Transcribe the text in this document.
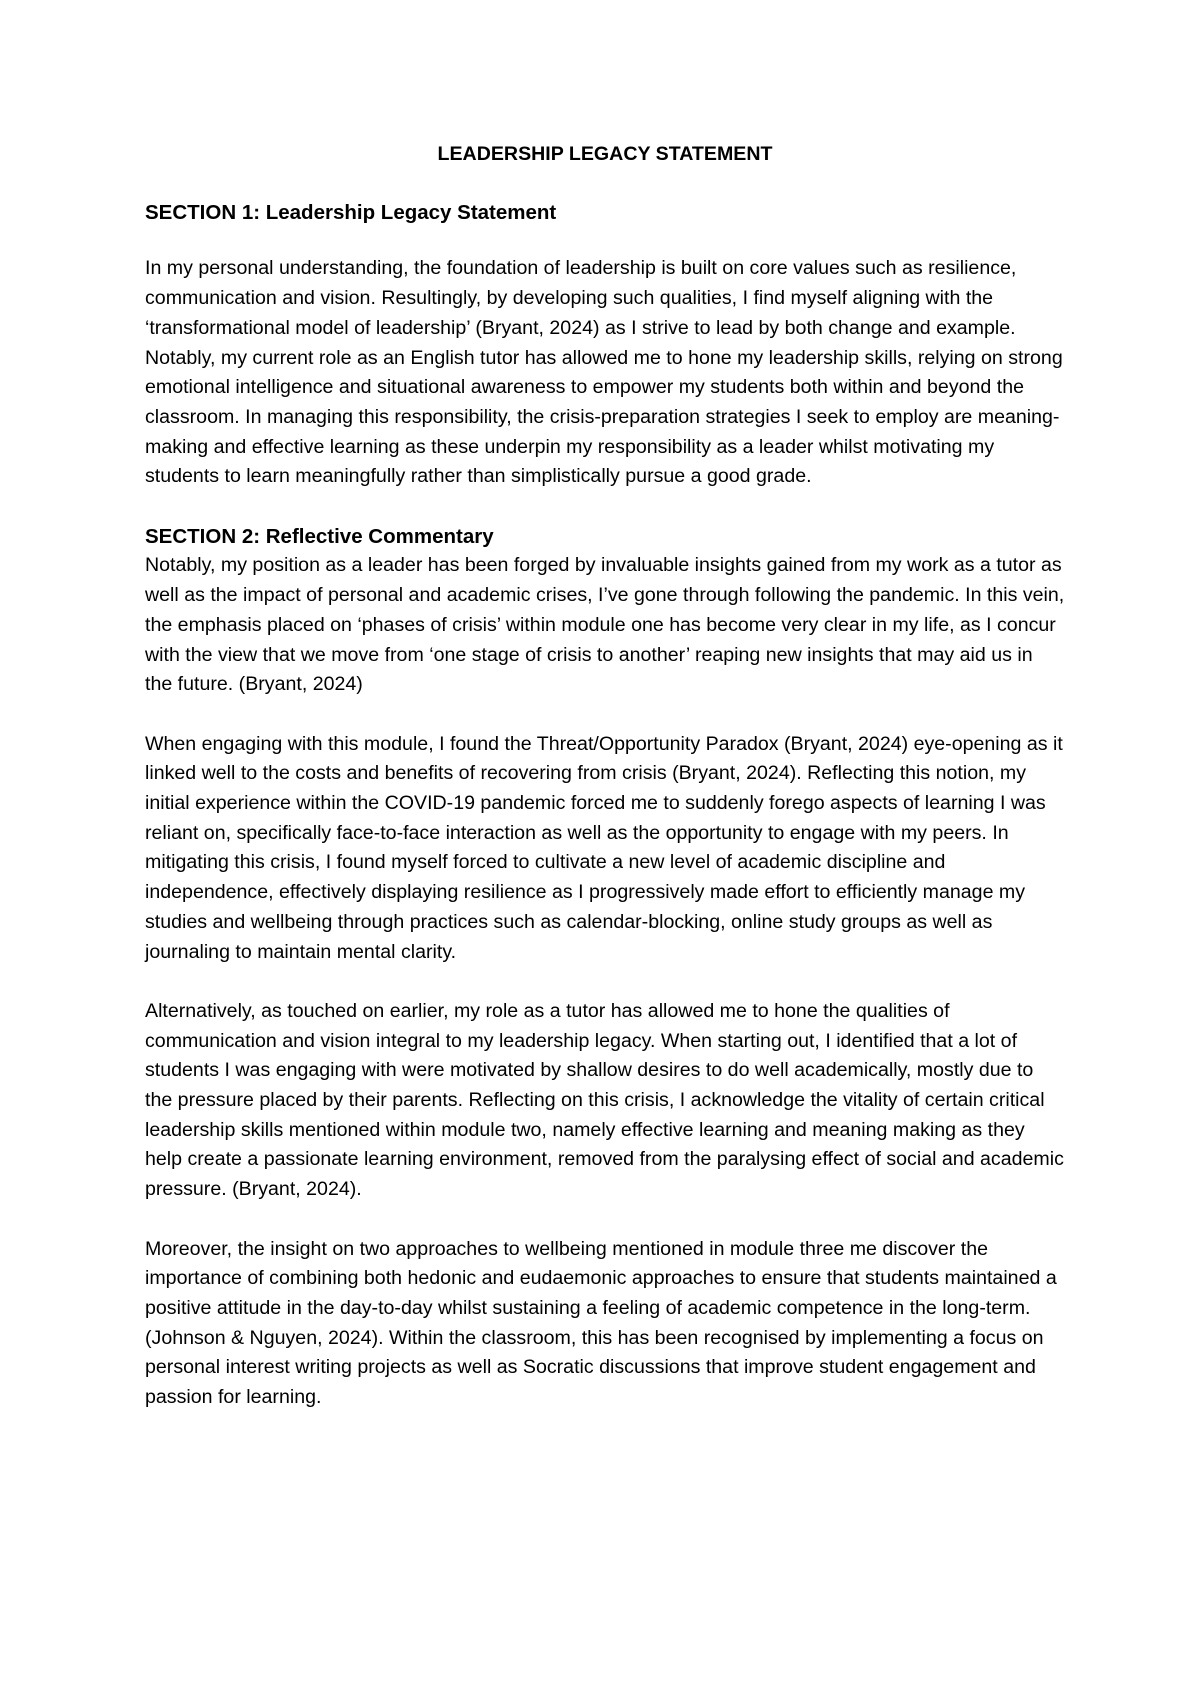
LEADERSHIP LEGACY STATEMENT
SECTION 1: Leadership Legacy Statement

In my personal understanding, the foundation of leadership is built on core values such as resilience, communication and vision. Resultingly, by developing such qualities, I find myself aligning with the ‘transformational model of leadership’ (Bryant, 2024) as I strive to lead by both change and example. Notably, my current role as an English tutor has allowed me to hone my leadership skills, relying on strong emotional intelligence and situational awareness to empower my students both within and beyond the classroom. In managing this responsibility, the crisis-preparation strategies I seek to employ are meaning-making and effective learning as these underpin my responsibility as a leader whilst motivating my students to learn meaningfully rather than simplistically pursue a good grade.

SECTION 2: Reflective Commentary

Notably, my position as a leader has been forged by invaluable insights gained from my work as a tutor as well as the impact of personal and academic crises, I’ve gone through following the pandemic. In this vein, the emphasis placed on ‘phases of crisis’ within module one has become very clear in my life, as I concur with the view that we move from ‘one stage of crisis to another’ reaping new insights that may aid us in the future. (Bryant, 2024)

When engaging with this module, I found the Threat/Opportunity Paradox (Bryant, 2024) eye-opening as it linked well to the costs and benefits of recovering from crisis (Bryant, 2024). Reflecting this notion, my initial experience within the COVID-19 pandemic forced me to suddenly forego aspects of learning I was reliant on, specifically face-to-face interaction as well as the opportunity to engage with my peers. In mitigating this crisis, I found myself forced to cultivate a new level of academic discipline and independence, effectively displaying resilience as I progressively made effort to efficiently manage my studies and wellbeing through practices such as calendar-blocking, online study groups as well as journaling to maintain mental clarity.

Alternatively, as touched on earlier, my role as a tutor has allowed me to hone the qualities of communication and vision integral to my leadership legacy. When starting out, I identified that a lot of students I was engaging with were motivated by shallow desires to do well academically, mostly due to the pressure placed by their parents. Reflecting on this crisis, I acknowledge the vitality of certain critical leadership skills mentioned within module two, namely effective learning and meaning making as they help create a passionate learning environment, removed from the paralysing effect of social and academic pressure. (Bryant, 2024).

Moreover, the insight on two approaches to wellbeing mentioned in module three me discover the importance of combining both hedonic and eudaemonic approaches to ensure that students maintained a positive attitude in the day-to-day whilst sustaining a feeling of academic competence in the long-term. (Johnson & Nguyen, 2024). Within the classroom, this has been recognised by implementing a focus on personal interest writing projects as well as Socratic discussions that improve student engagement and passion for learning.
